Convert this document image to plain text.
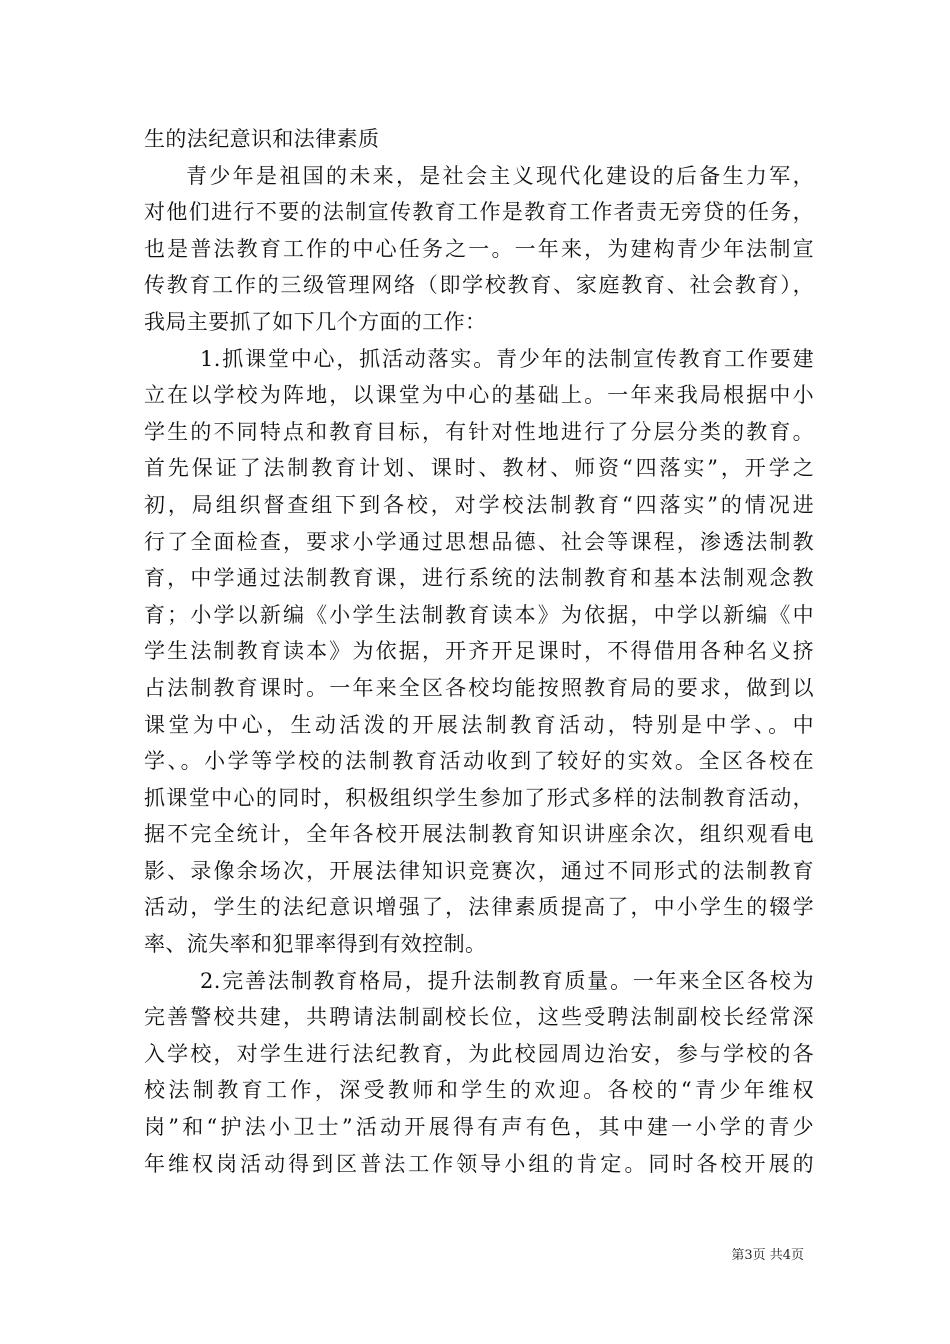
生的法纪意识和法律素质
青少年是祖国的未来，是社会主义现代化建设的后备生力军，
对他们进行不要的法制宣传教育工作是教育工作者责无旁贷的任务，
也是普法教育工作的中心任务之一。一年来，为建构青少年法制宣
传教育工作的三级管理网络（即学校教育、家庭教育、社会教育），
我局主要抓了如下几个方面的工作：
1.抓课堂中心，抓活动落实。青少年的法制宣传教育工作要建
立在以学校为阵地，以课堂为中心的基础上。一年来我局根据中小
学生的不同特点和教育目标，有针对性地进行了分层分类的教育。
首先保证了法制教育计划、课时、教材、师资“四落实”，开学之
初，局组织督查组下到各校，对学校法制教育“四落实”的情况进
行了全面检查，要求小学通过思想品德、社会等课程，渗透法制教
育，中学通过法制教育课，进行系统的法制教育和基本法制观念教
育；小学以新编《小学生法制教育读本》为依据，中学以新编《中
学生法制教育读本》为依据，开齐开足课时，不得借用各种名义挤
占法制教育课时。一年来全区各校均能按照教育局的要求，做到以
课堂为中心，生动活泼的开展法制教育活动，特别是中学、。中
学、。小学等学校的法制教育活动收到了较好的实效。全区各校在
抓课堂中心的同时，积极组织学生参加了形式多样的法制教育活动，
据不完全统计，全年各校开展法制教育知识讲座余次，组织观看电
影、录像余场次，开展法律知识竞赛次，通过不同形式的法制教育
活动，学生的法纪意识增强了，法律素质提高了，中小学生的辍学
率、流失率和犯罪率得到有效控制。
2.完善法制教育格局，提升法制教育质量。一年来全区各校为
完善警校共建，共聘请法制副校长位，这些受聘法制副校长经常深
入学校，对学生进行法纪教育，为此校园周边治安，参与学校的各
校法制教育工作，深受教师和学生的欢迎。各校的“青少年维权
岗”和“护法小卫士”活动开展得有声有色，其中建一小学的青少
年维权岗活动得到区普法工作领导小组的肯定。同时各校开展的
第3页 共4页
